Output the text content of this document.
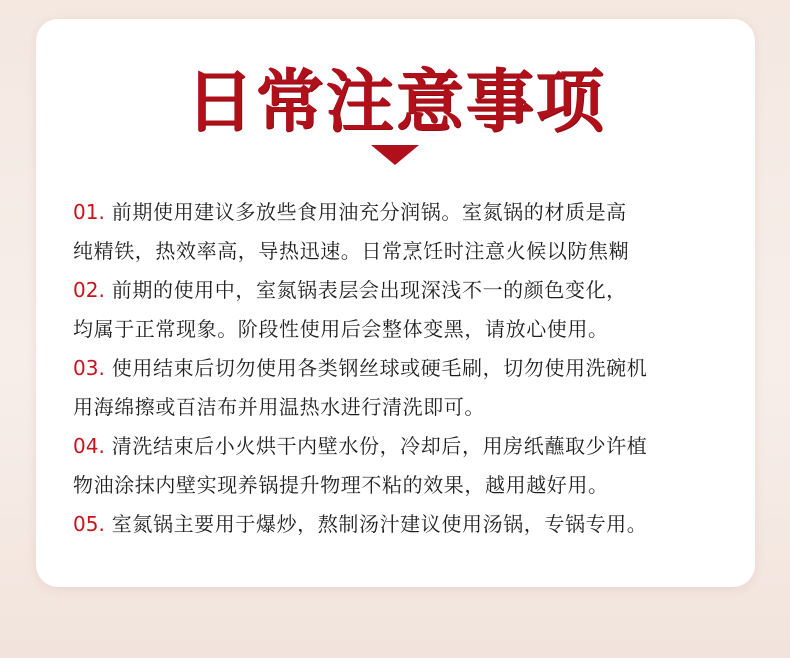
日常注意事项
01. 前期使用建议多放些食用油充分润锅。室氮锅的材质是高
纯精铁，热效率高，导热迅速。日常烹饪时注意火候以防焦糊
02. 前期的使用中，室氮锅表层会出现深浅不一的颜色变化，
均属于正常现象。阶段性使用后会整体变黑，请放心使用。
03. 使用结束后切勿使用各类钢丝球或硬毛刷，切勿使用洗碗机
用海绵擦或百洁布并用温热水进行清洗即可。
04. 清洗结束后小火烘干内壁水份，冷却后，用房纸蘸取少许植
物油涂抹内壁实现养锅提升物理不粘的效果，越用越好用。
05. 室氮锅主要用于爆炒，熬制汤汁建议使用汤锅，专锅专用。
